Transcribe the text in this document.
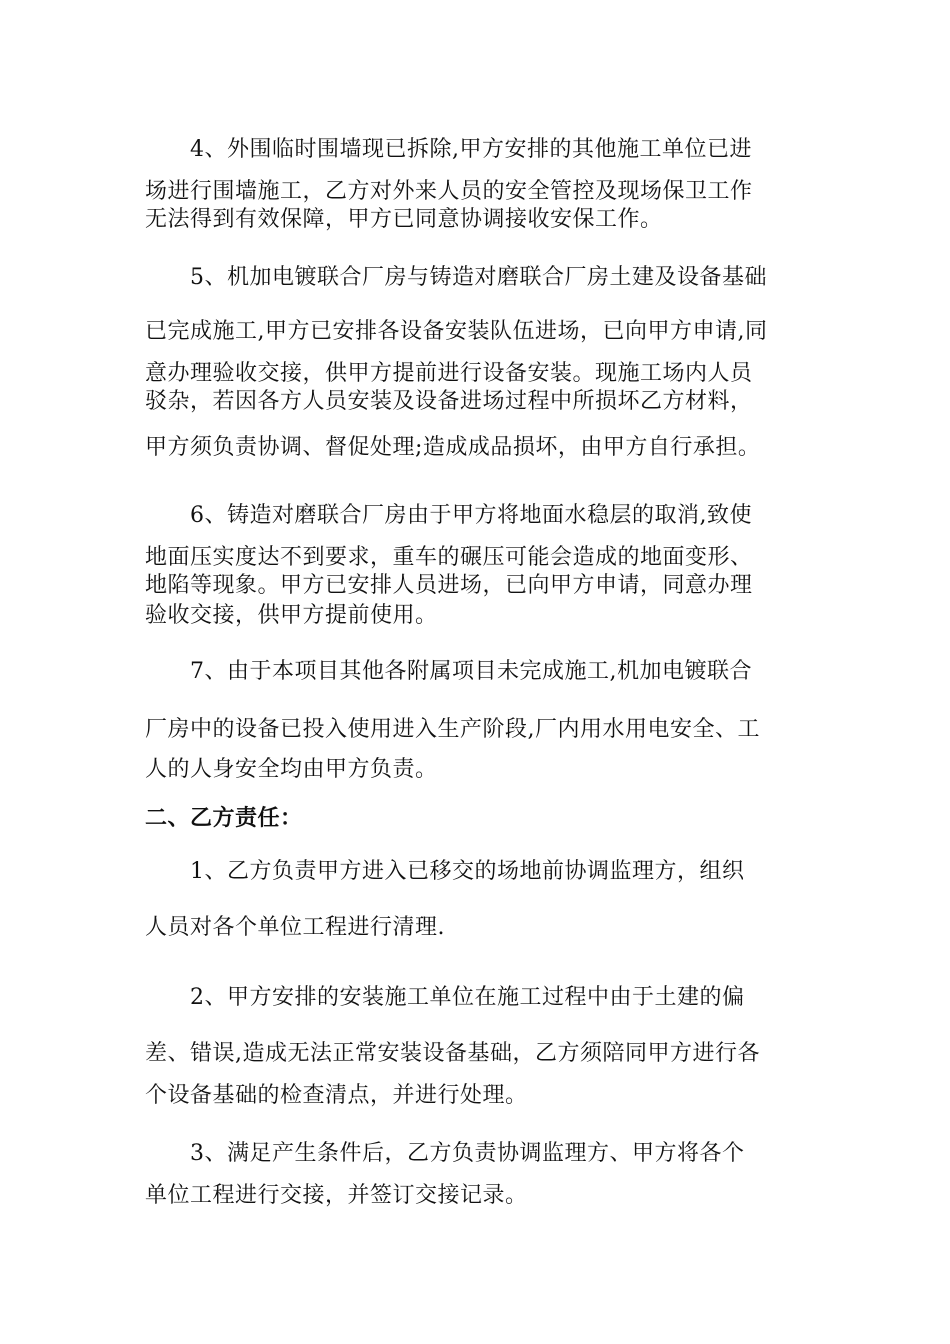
4、外围临时围墙现已拆除,甲方安排的其他施工单位已进
场进行围墙施工，乙方对外来人员的安全管控及现场保卫工作
无法得到有效保障，甲方已同意协调接收安保工作。
5、机加电镀联合厂房与铸造对磨联合厂房土建及设备基础
已完成施工,甲方已安排各设备安装队伍进场，已向甲方申请,同
意办理验收交接，供甲方提前进行设备安装。现施工场内人员
驳杂，若因各方人员安装及设备进场过程中所损坏乙方材料，
甲方须负责协调、督促处理;造成成品损坏，由甲方自行承担。
6、铸造对磨联合厂房由于甲方将地面水稳层的取消,致使
地面压实度达不到要求，重车的碾压可能会造成的地面变形、
地陷等现象。甲方已安排人员进场，已向甲方申请，同意办理
验收交接，供甲方提前使用。
7、由于本项目其他各附属项目未完成施工,机加电镀联合
厂房中的设备已投入使用进入生产阶段,厂内用水用电安全、工
人的人身安全均由甲方负责。
二、乙方责任：
1、乙方负责甲方进入已移交的场地前协调监理方，组织
人员对各个单位工程进行清理.
2、甲方安排的安装施工单位在施工过程中由于土建的偏
差、错误,造成无法正常安装设备基础，乙方须陪同甲方进行各
个设备基础的检查清点，并进行处理。
3、满足产生条件后，乙方负责协调监理方、甲方将各个
单位工程进行交接，并签订交接记录。
